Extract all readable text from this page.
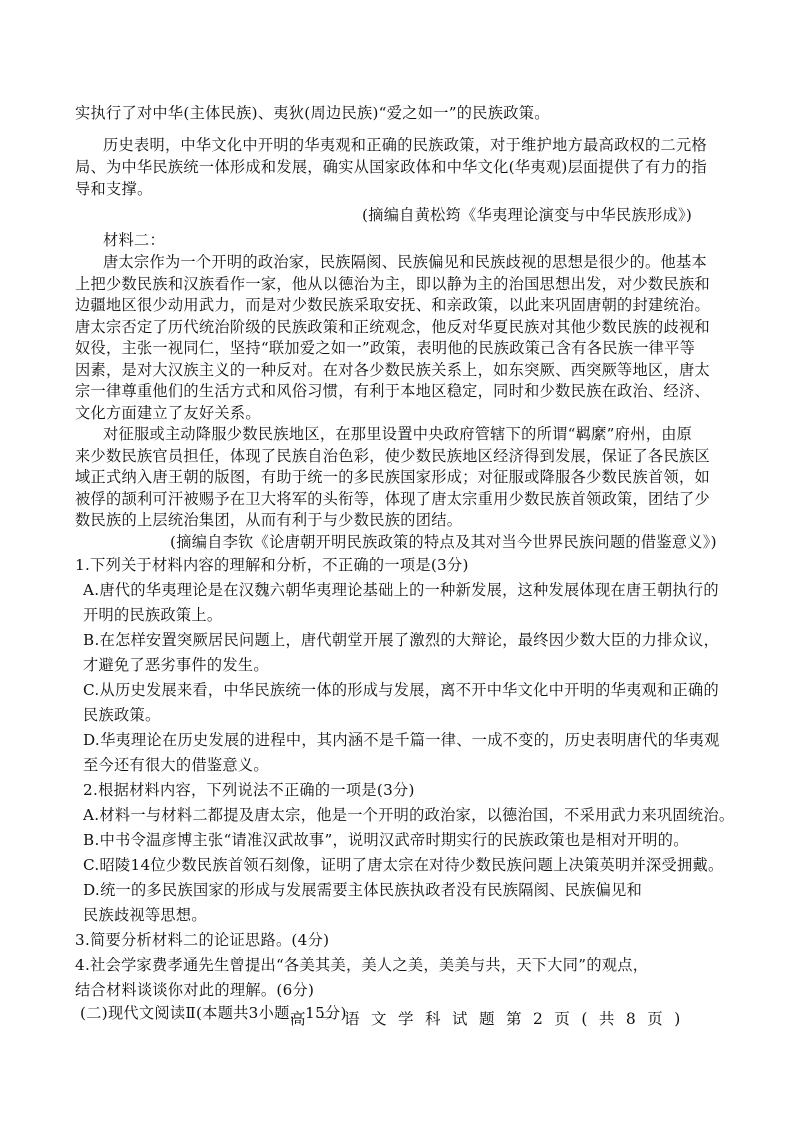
实执行了对中华(主体民族)、夷狄(周边民族)“爱之如一”的民族政策。
历史表明，中华文化中开明的华夷观和正确的民族政策，对于维护地方最高政权的二元格
局、为中华民族统一体形成和发展，确实从国家政体和中华文化(华夷观)层面提供了有力的指
导和支撑。
(摘编自黄松筠《华夷理论演变与中华民族形成》)
材料二：
唐太宗作为一个开明的政治家，民族隔阂、民族偏见和民族歧视的思想是很少的。他基本
上把少数民族和汉族看作一家，他从以德治为主，即以静为主的治国思想出发，对少数民族和
边疆地区很少动用武力，而是对少数民族采取安抚、和亲政策，以此来巩固唐朝的封建统治。
唐太宗否定了历代统治阶级的民族政策和正统观念，他反对华夏民族对其他少数民族的歧视和
奴役，主张一视同仁，坚持“联加爱之如一”政策，表明他的民族政策己含有各民族一律平等
因素，是对大汉族主义的一种反对。在对各少数民族关系上，如东突厥、西突厥等地区，唐太
宗一律尊重他们的生活方式和风俗习惯，有利于本地区稳定，同时和少数民族在政治、经济、
文化方面建立了友好关系。
对征服或主动降服少数民族地区，在那里设置中央政府管辖下的所谓“羁縻”府州，由原
来少数民族官员担任，体现了民族自治色彩，使少数民族地区经济得到发展，保证了各民族区
域正式纳入唐王朝的版图，有助于统一的多民族国家形成；对征服或降服各少数民族首领，如
被俘的颉利可汗被赐予在卫大将军的头衔等，体现了唐太宗重用少数民族首领政策，团结了少
数民族的上层统治集团，从而有利于与少数民族的团结。
(摘编自李钦《论唐朝开明民族政策的特点及其对当今世界民族问题的借鉴意义》)
1.下列关于材料内容的理解和分析，不正确的一项是(3分)
A.唐代的华夷理论是在汉魏六朝华夷理论基础上的一种新发展，这种发展体现在唐王朝执行的
开明的民族政策上。
B.在怎样安置突厥居民问题上，唐代朝堂开展了激烈的大辩论，最终因少数大臣的力排众议，
才避免了恶劣事件的发生。
C.从历史发展来看，中华民族统一体的形成与发展，离不开中华文化中开明的华夷观和正确的
民族政策。
D.华夷理论在历史发展的进程中，其内涵不是千篇一律、一成不变的，历史表明唐代的华夷观
至今还有很大的借鉴意义。
2.根据材料内容，下列说法不正确的一项是(3分)
A.材料一与材料二都提及唐太宗，他是一个开明的政治家，以德治国，不采用武力来巩固统治。
B.中书令温彦博主张“请准汉武故事”，说明汉武帝时期实行的民族政策也是相对开明的。
C.昭陵14位少数民族首领石刻像，证明了唐太宗在对待少数民族问题上决策英明并深受拥戴。
D.统一的多民族国家的形成与发展需要主体民族执政者没有民族隔阂、民族偏见和
民族歧视等思想。
3.简要分析材料二的论证思路。(4分)
4.社会学家费孝通先生曾提出“各美其美，美人之美，美美与共，天下大同”的观点，
结合材料谈谈你对此的理解。(6分)
(二)现代文阅读Ⅱ(本题共3小题，15分)
高一语文学科试题第2页(共8页)
